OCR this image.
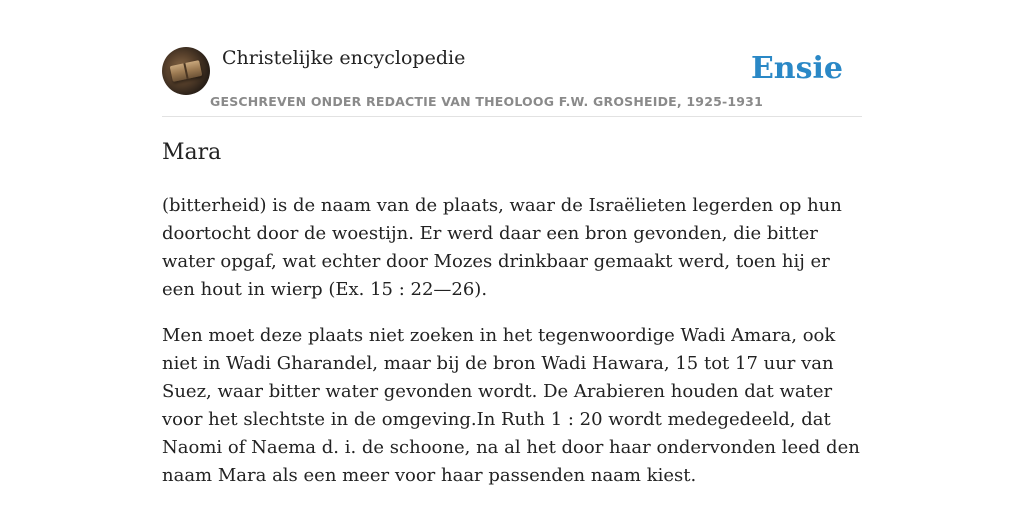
Christelijke encyclopedie
GESCHREVEN ONDER REDACTIE VAN THEOLOOG F.W. GROSHEIDE, 1925-1931
Ensie
Mara

(bitterheid) is de naam van de plaats, waar de Israëlieten legerden op hun doortocht door de woestijn. Er werd daar een bron gevonden, die bitter water opgaf, wat echter door Mozes drinkbaar gemaakt werd, toen hij er een hout in wierp (Ex. 15 : 22—26).

Men moet deze plaats niet zoeken in het tegenwoordige Wadi Amara, ook niet in Wadi Gharandel, maar bij de bron Wadi Hawara, 15 tot 17 uur van Suez, waar bitter water gevonden wordt. De Arabieren houden dat water voor het slechtste in de omgeving.In Ruth 1 : 20 wordt medegedeeld, dat Naomi of Naema d. i. de schoone, na al het door haar ondervonden leed den naam Mara als een meer voor haar passenden naam kiest.
